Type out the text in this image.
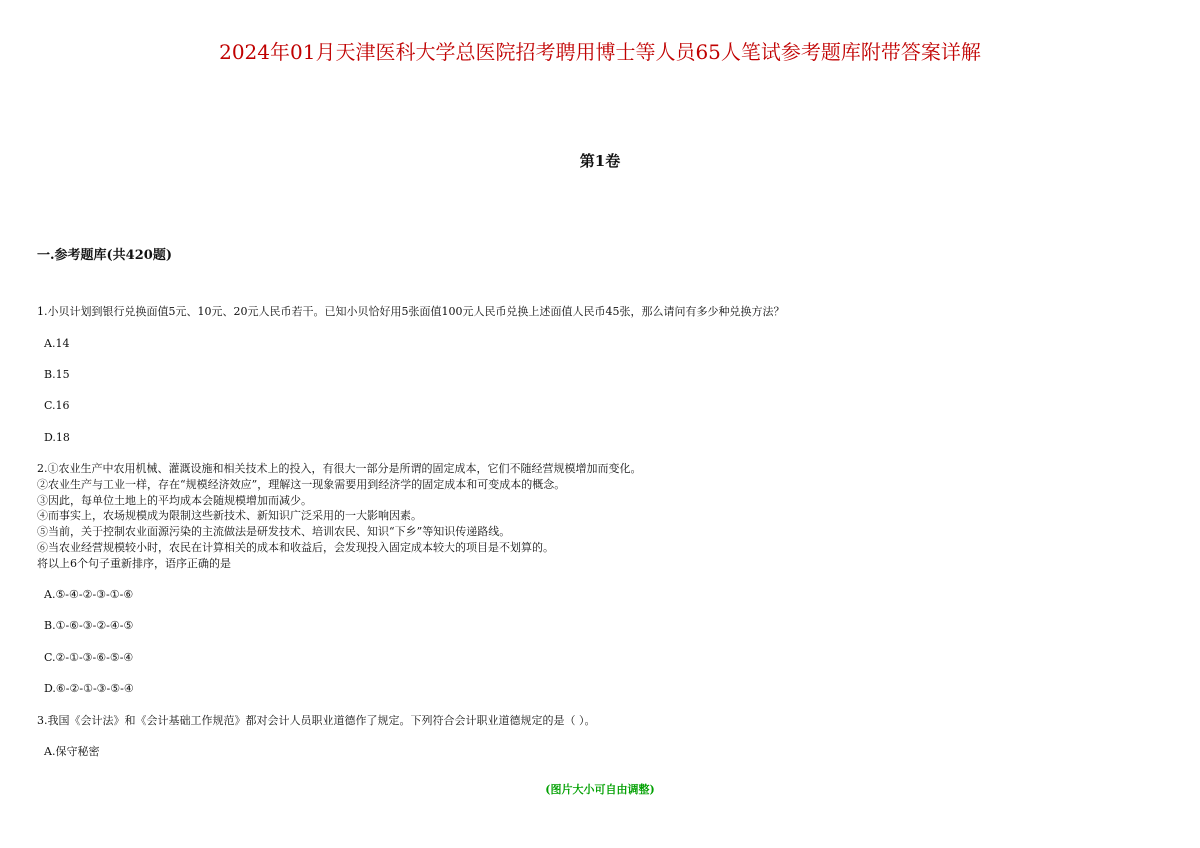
2024年01月天津医科大学总医院招考聘用博士等人员65人笔试参考题库附带答案详解
第1卷
一.参考题库(共420题)
1.小贝计划到银行兑换面值5元、10元、20元人民币若干。已知小贝恰好用5张面值100元人民币兑换上述面值人民币45张，那么请问有多少种兑换方法？
A.14
B.15
C.16
D.18
2.①农业生产中农用机械、灌溉设施和相关技术上的投入，有很大一部分是所谓的固定成本，它们不随经营规模增加而变化。
②农业生产与工业一样，存在“规模经济效应”，理解这一现象需要用到经济学的固定成本和可变成本的概念。
③因此，每单位土地上的平均成本会随规模增加而减少。
④而事实上，农场规模成为限制这些新技术、新知识广泛采用的一大影响因素。
⑤当前，关于控制农业面源污染的主流做法是研发技术、培训农民、知识“下乡”等知识传递路线。
⑥当农业经营规模较小时，农民在计算相关的成本和收益后，会发现投入固定成本较大的项目是不划算的。
将以上6个句子重新排序，语序正确的是
A.⑤-④-②-③-①-⑥
B.①-⑥-③-②-④-⑤
C.②-①-③-⑥-⑤-④
D.⑥-②-①-③-⑤-④
3.我国《会计法》和《会计基础工作规范》都对会计人员职业道德作了规定。下列符合会计职业道德规定的是（ ）。
A.保守秘密
(图片大小可自由调整)
